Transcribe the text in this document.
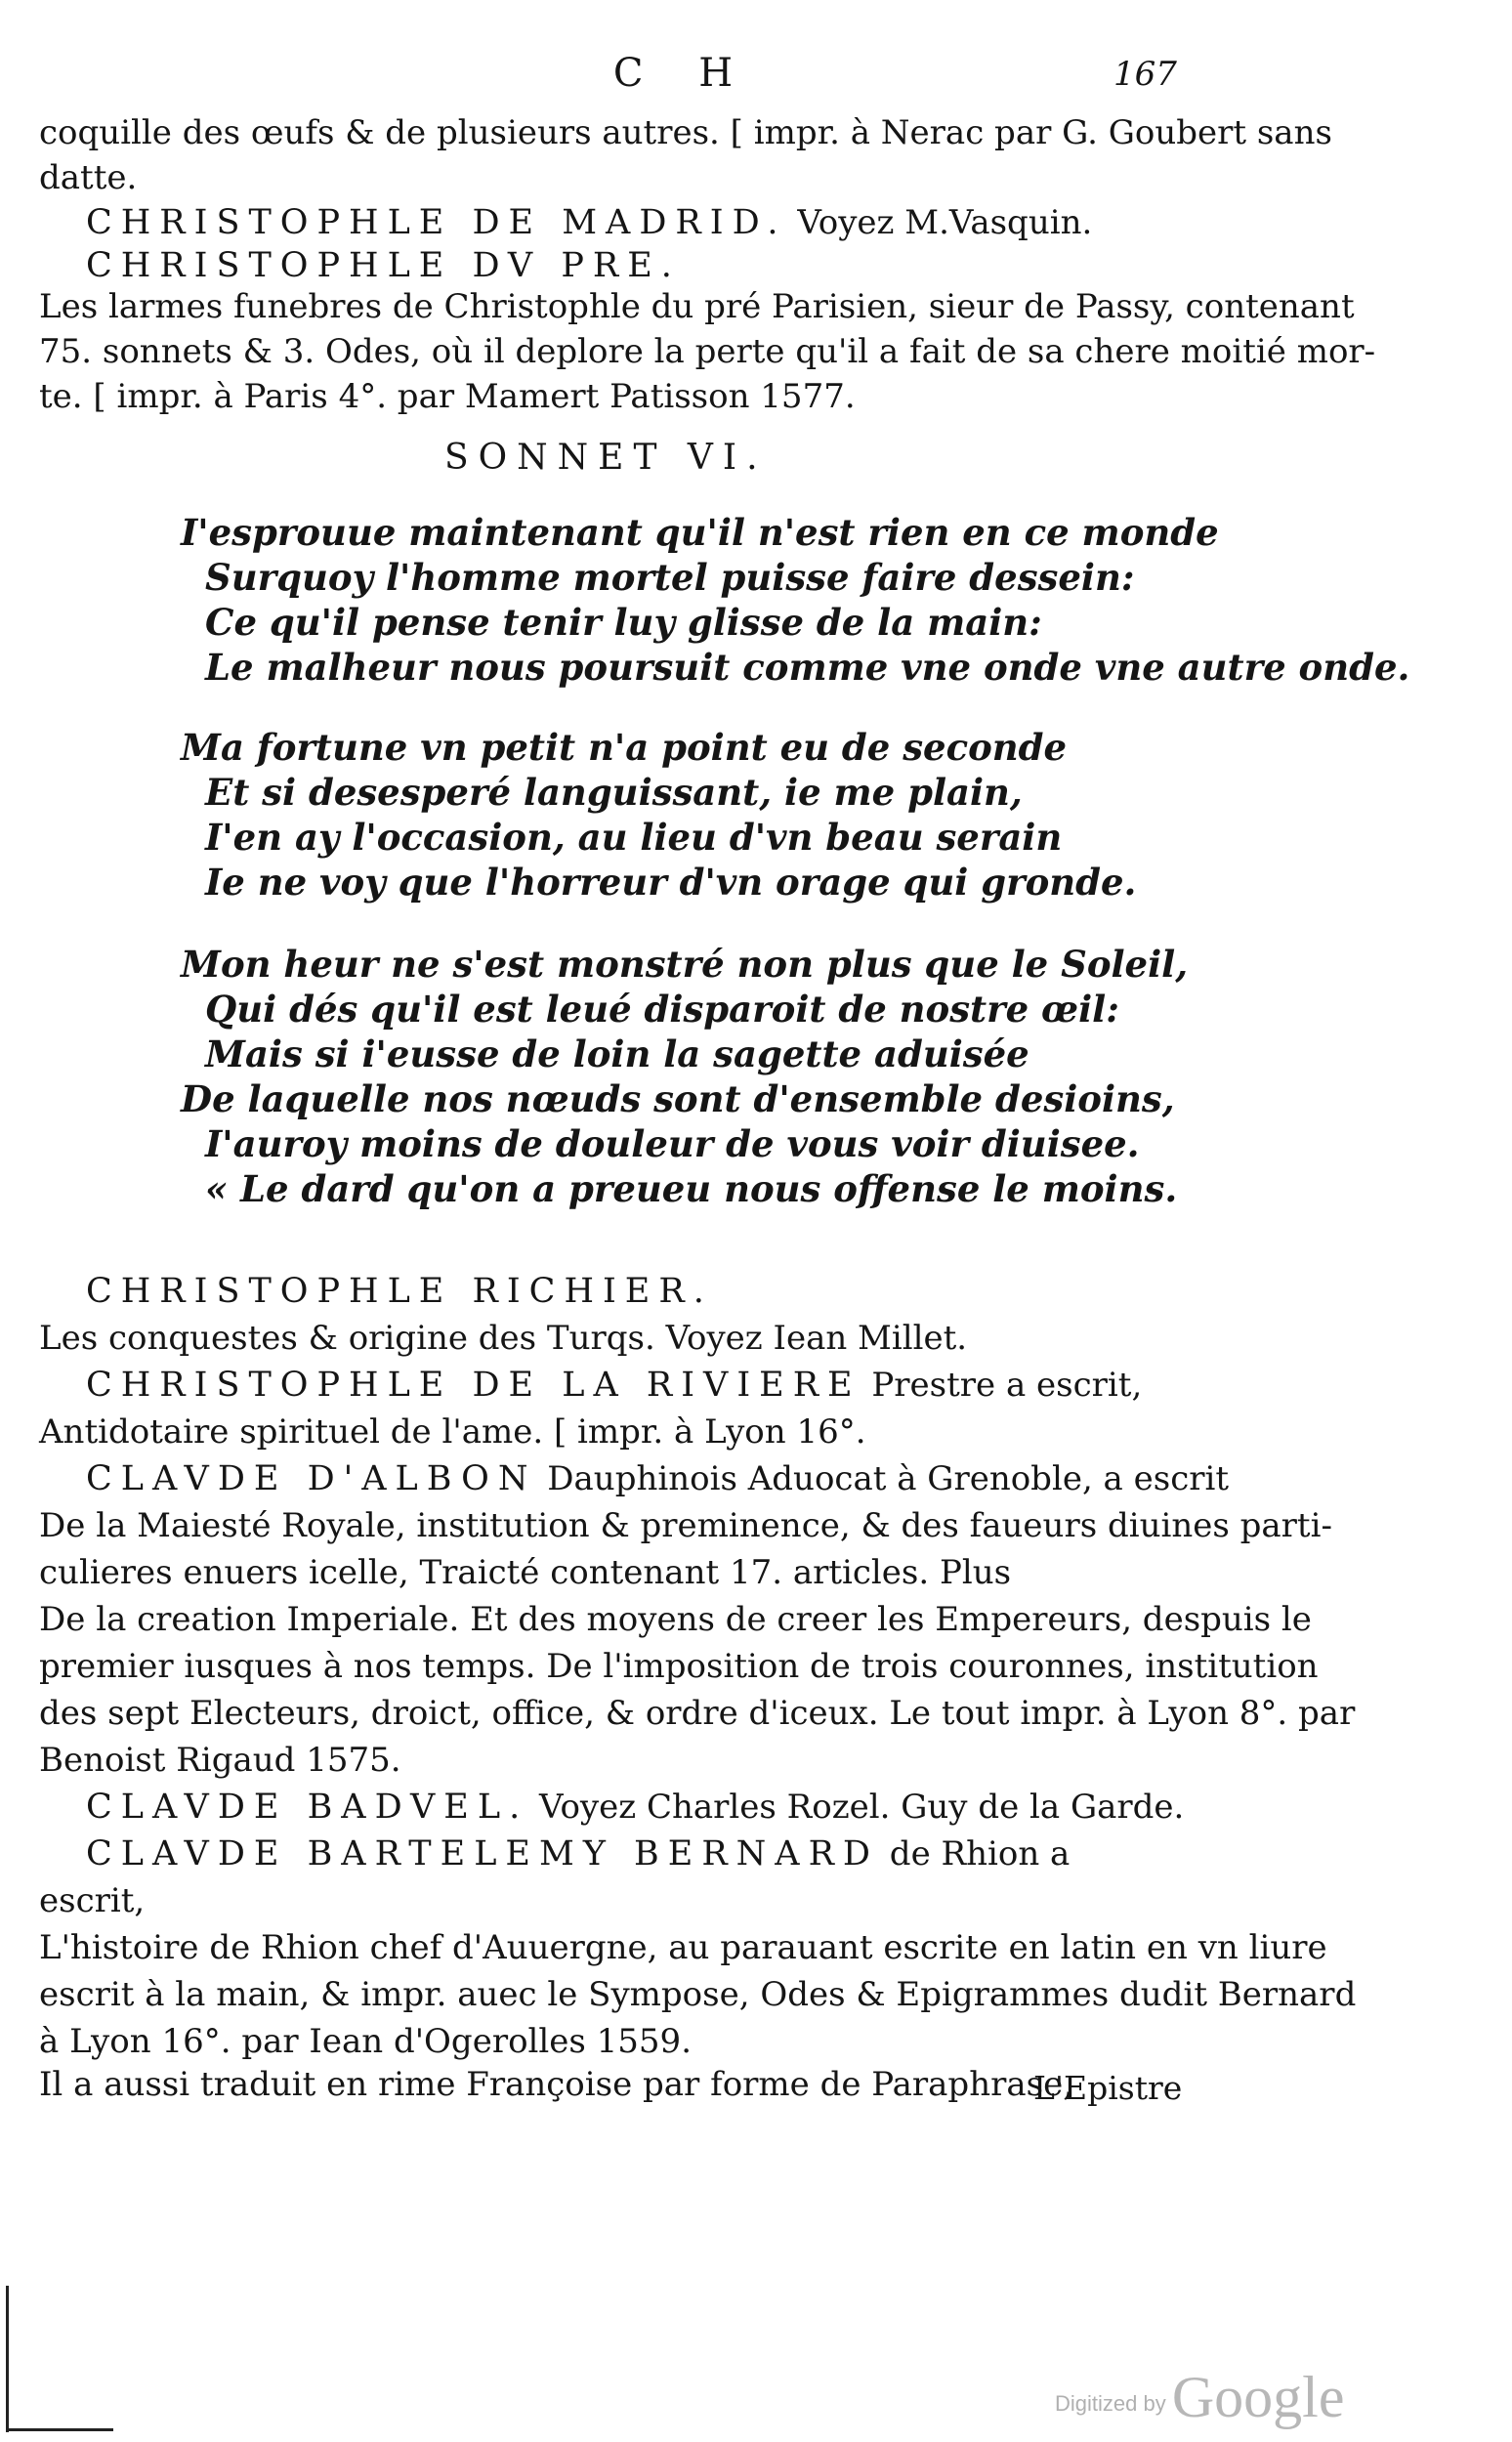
C H	167
coquille des œufs & de plusieurs autres. [ impr. à Nerac par G. Goubert sans
datte.
CHRISTOPHLE DE MADRID. Voyez M.Vasquin.
CHRISTOPHLE DV PRE.
Les larmes funebres de Christophle du pré Parisien, sieur de Passy, contenant
75. sonnets & 3. Odes, où il deplore la perte qu'il a fait de sa chere moitié mor-
te. [ impr. à Paris 4°. par Mamert Patisson 1577.
SONNET VI.
I'esprouue maintenant qu'il n'est rien en ce monde
Surquoy l'homme mortel puisse faire dessein:
Ce qu'il pense tenir luy glisse de la main:
Le malheur nous poursuit comme vne onde vne autre onde.
Ma fortune vn petit n'a point eu de seconde
Et si desesperé languissant, ie me plain,
I'en ay l'occasion, au lieu d'vn beau serain
Ie ne voy que l'horreur d'vn orage qui gronde.
Mon heur ne s'est monstré non plus que le Soleil,
Qui dés qu'il est leué disparoit de nostre œil:
Mais si i'eusse de loin la sagette aduisée
De laquelle nos nœuds sont d'ensemble desioins,
I'auroy moins de douleur de vous voir diuisee.
« Le dard qu'on a preueu nous offense le moins.
CHRISTOPHLE RICHIER.
Les conquestes & origine des Turqs. Voyez Iean Millet.
CHRISTOPHLE DE LA RIVIERE Prestre a escrit,
Antidotaire spirituel de l'ame. [ impr. à Lyon 16°.
CLAVDE D'ALBON Dauphinois Aduocat à Grenoble, a escrit
De la Maiesté Royale, institution & preminence, & des faueurs diuines parti-
culieres enuers icelle, Traicté contenant 17. articles. Plus
De la creation Imperiale. Et des moyens de creer les Empereurs, despuis le
premier iusques à nos temps. De l'imposition de trois couronnes, institution
des sept Electeurs, droict, office, & ordre d'iceux. Le tout impr. à Lyon 8°. par
Benoist Rigaud 1575.
CLAVDE BADVEL. Voyez Charles Rozel. Guy de la Garde.
CLAVDE BARTELEMY BERNARD de Rhion a
escrit,
L'histoire de Rhion chef d'Auuergne, au parauant escrite en latin en vn liure
escrit à la main, & impr. auec le Sympose, Odes & Epigrammes dudit Bernard
à Lyon 16°. par Iean d'Ogerolles 1559.
Il a aussi traduit en rime Françoise par forme de Paraphrase,
L'Epistre
Digitized by Google
